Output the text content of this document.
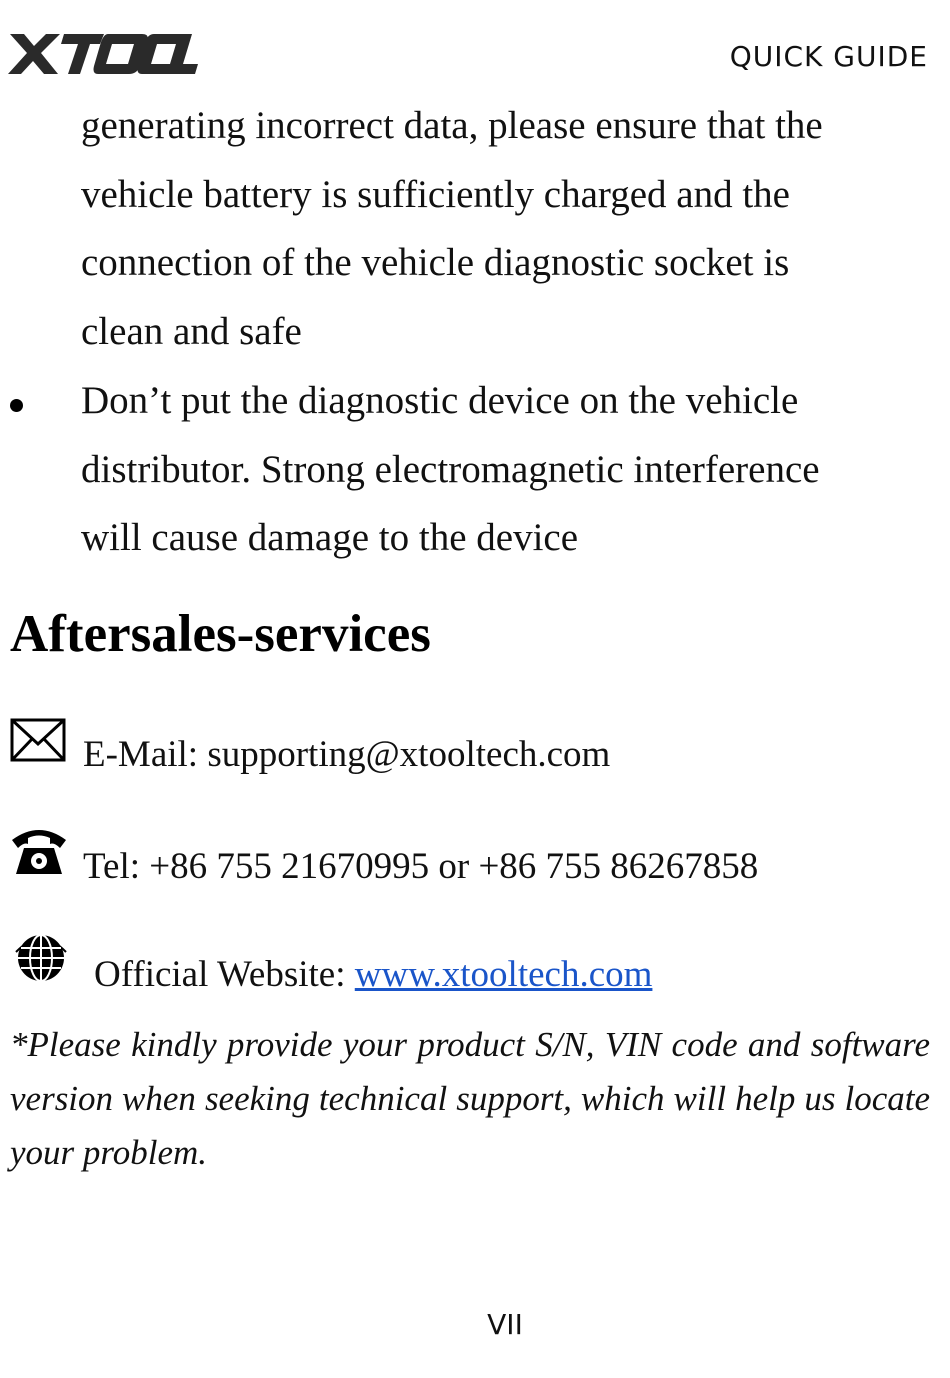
QUICK GUIDE
generating incorrect data, please ensure that the
vehicle battery is sufficiently charged and the
connection of the vehicle diagnostic socket is
clean and safe
Don’t put the diagnostic device on the vehicle
distributor. Strong electromagnetic interference
will cause damage to the device
Aftersales-services
E-Mail: supporting@xtooltech.com
Tel: +86 755 21670995 or +86 755 86267858
Official Website: www.xtooltech.com
*Please kindly provide your product S/N, VIN code and software version when seeking technical support, which will help us locate your problem.
VII
